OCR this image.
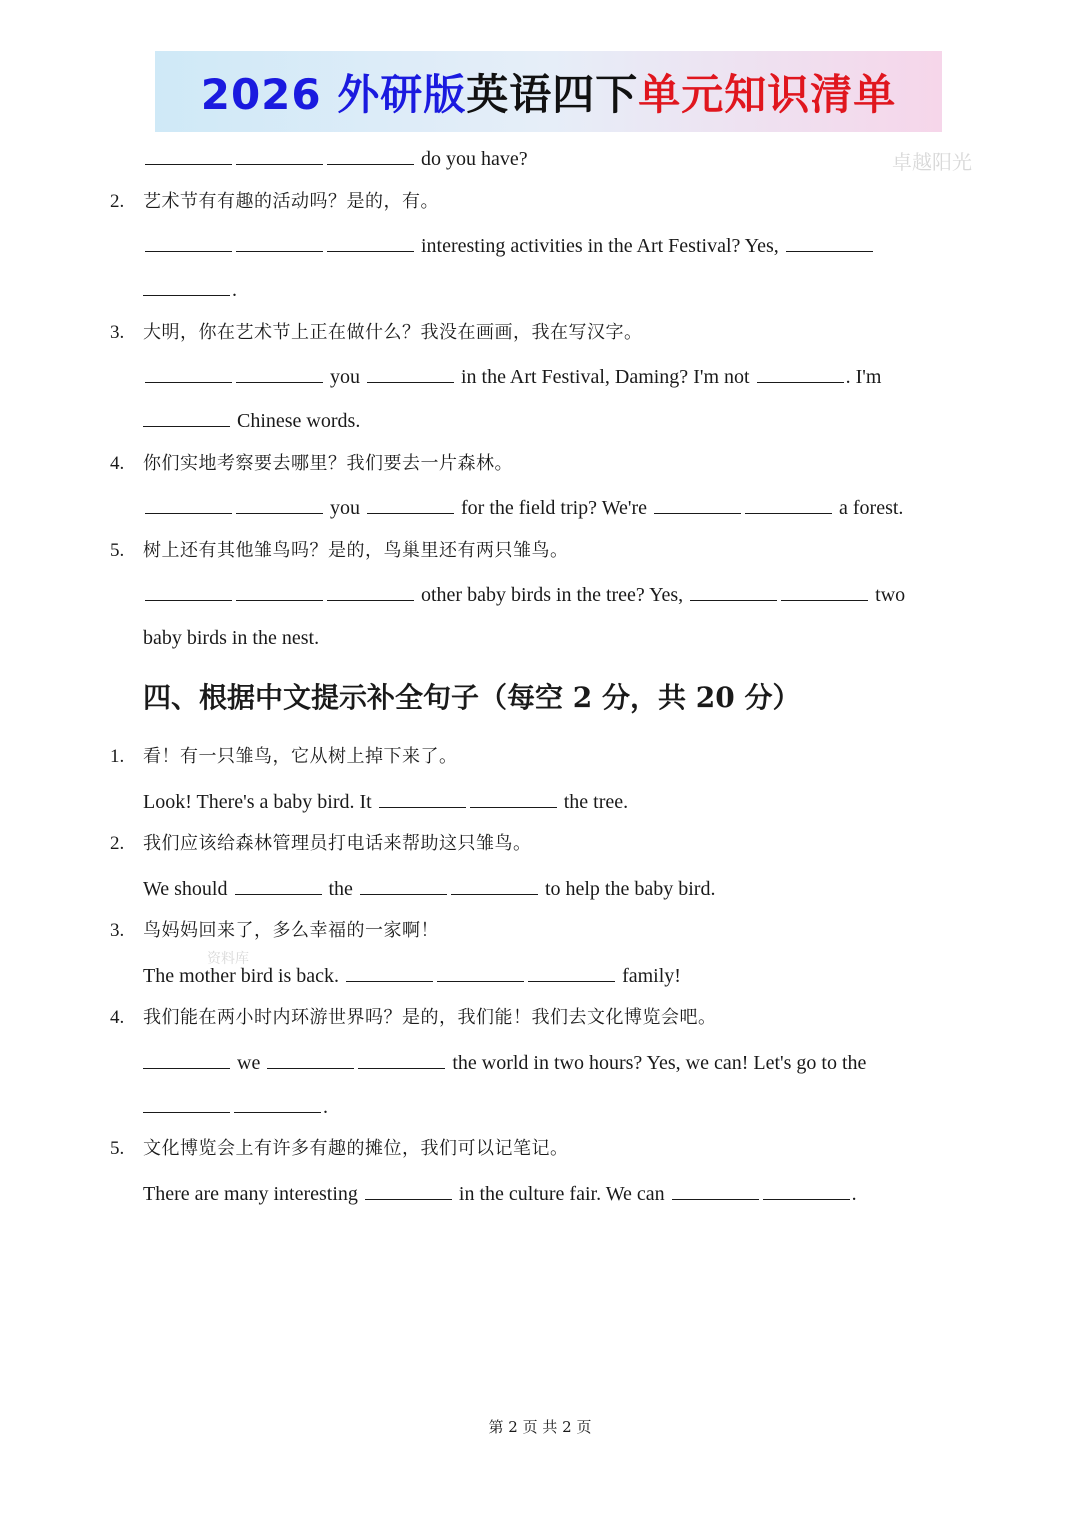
2026 外研版 英语四下 单元知识清单
卓越阳光
资料库
do you have?
2. 艺术节有有趣的活动吗？是的，有。
interesting activities in the Art Festival? Yes,
.
3. 大明，你在艺术节上正在做什么？我没在画画，我在写汉字。
you	in the Art Festival, Daming? I'm not	. I'm
Chinese words.
4. 你们实地考察要去哪里？我们要去一片森林。
you	for the field trip? We're	a forest.
5. 树上还有其他雏鸟吗？是的，鸟巢里还有两只雏鸟。
other baby birds in the tree? Yes,	two
baby birds in the nest.
四、根据中文提示补全句子（每空 2 分，共 20 分）
1. 看！有一只雏鸟，它从树上掉下来了。
Look! There's a baby bird. It	the tree.
2. 我们应该给森林管理员打电话来帮助这只雏鸟。
We should	the	to help the baby bird.
3. 鸟妈妈回来了，多么幸福的一家啊！
The mother bird is back.	family!
4. 我们能在两小时内环游世界吗？是的，我们能！我们去文化博览会吧。
we	the world in two hours? Yes, we can! Let's go to the
.
5. 文化博览会上有许多有趣的摊位，我们可以记笔记。
There are many interesting	in the culture fair. We can	.
第 2 页 共 2 页
